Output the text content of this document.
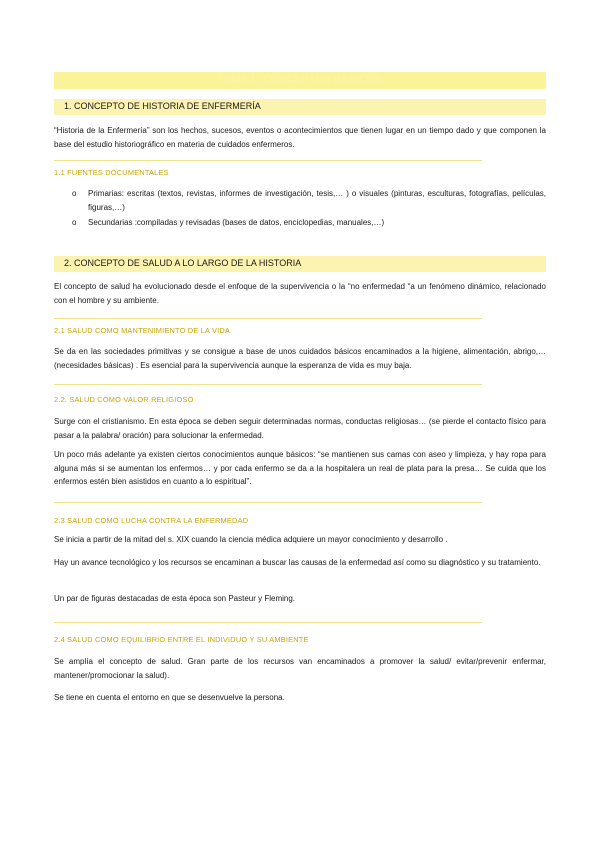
TEMA 1: CONCEPTOS BÁSICOS
1. CONCEPTO DE HISTORIA DE ENFERMERÍA

“Historia de la Enfermería” son los hechos, sucesos, eventos o acontecimientos que tienen lugar en un tiempo dado y que componen la base del estudio historiográfico en materia de cuidados enfermeros.

1.1 FUENTES DOCUMENTALES
o Primarias: escritas (textos, revistas, informes de investigación, tesis,… ) o visuales (pinturas, esculturas, fotografías, películas, figuras,…)

o Secundarias :compiladas y revisadas (bases de datos, enciclopedias, manuales,…)

2. CONCEPTO DE SALUD A LO LARGO DE LA HISTORIA

El concepto de salud ha evolucionado desde el enfoque de la supervivencia o la “no enfermedad “a un fenómeno dinámico, relacionado con el hombre y su ambiente.

2.1 SALUD COMO MANTENIMIENTO DE LA VIDA

Se da en las sociedades primitivas y se consigue a base de unos cuidados básicos encaminados a la higiene, alimentación, abrigo,… (necesidades básicas) . Es esencial para la supervivencia aunque la esperanza de vida es muy baja.

2.2. SALUD COMO VALOR RELIGIOSO

Surge con el cristianismo. En esta época se deben seguir determinadas normas, conductas religiosas… (se pierde el contacto físico para pasar a la palabra/ oración) para solucionar la enfermedad.

Un poco más adelante ya existen ciertos conocimientos aunque básicos: “se mantienen sus camas con aseo y limpieza, y hay ropa para alguna más si se aumentan los enfermos… y por cada enfermo se da a la hospitalera un real de plata para la presa… Se cuida que los enfermos estén bien asistidos en cuanto a lo espiritual”.

2.3.SALUD COMO LUCHA CONTRA LA ENFERMEDAD

Se inicia a partir de la mitad del s. XIX cuando la ciencia médica adquiere un mayor conocimiento y desarrollo .

Hay un avance tecnológico y los recursos se encaminan a buscar las causas de la enfermedad así como su diagnóstico y su tratamiento.

Un par de figuras destacadas de esta época son Pasteur y Fleming.

2.4 SALUD COMO EQUILIBRIO ENTRE EL INDIVIDUO Y SU AMBIENTE

Se amplía el concepto de salud. Gran parte de los recursos van encaminados a promover la salud/ evitar/prevenir enfermar, mantener/promocionar la salud).

Se tiene en cuenta el entorno en que se desenvuelve la persona.
